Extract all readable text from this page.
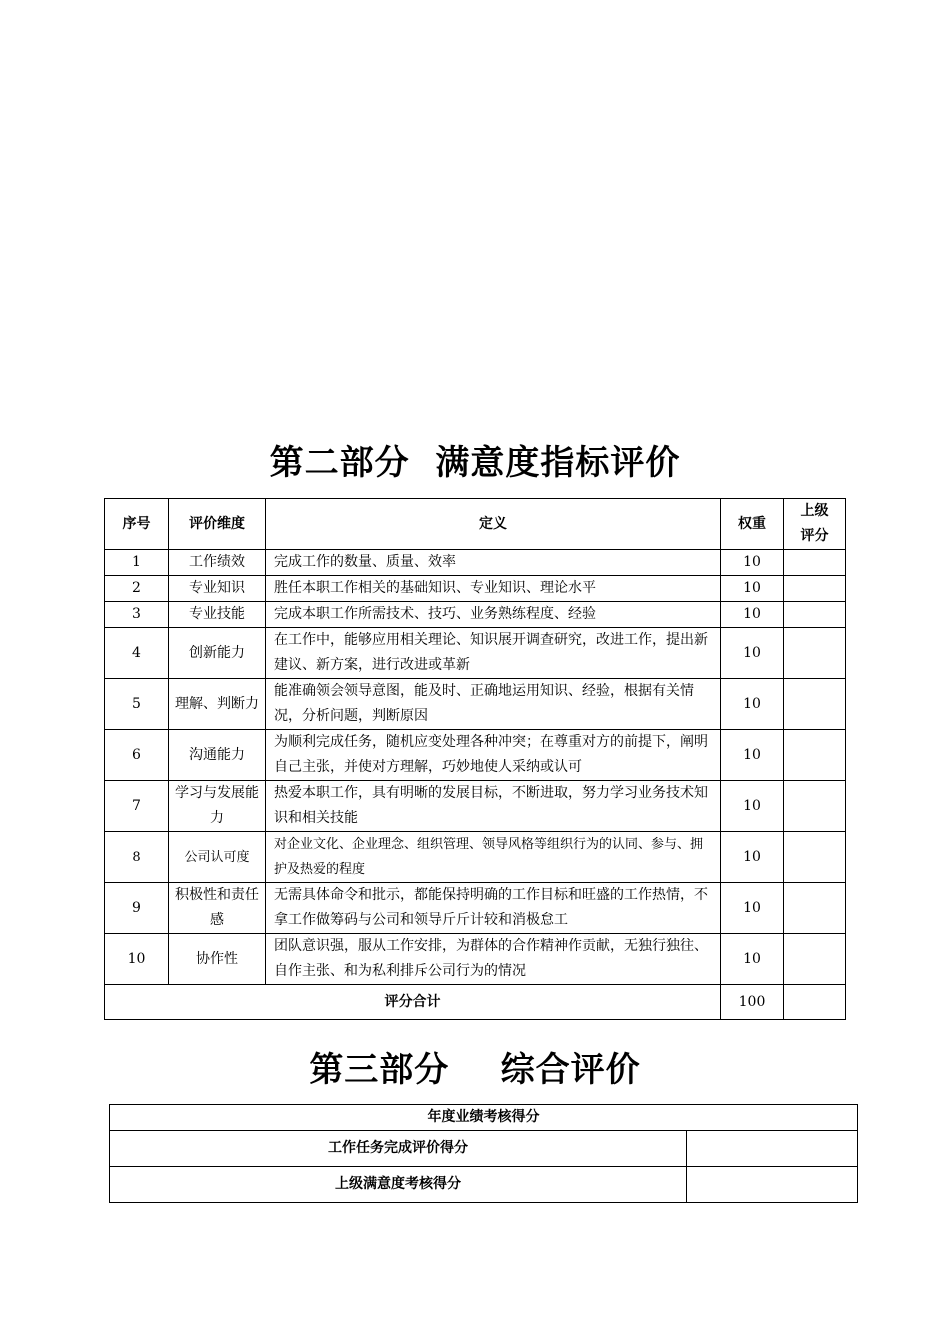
第二部分  满意度指标评价
序号	评价维度	定义	权重	上级评分
1	工作绩效	完成工作的数量、质量、效率	10	
2	专业知识	胜任本职工作相关的基础知识、专业知识、理论水平	10	
3	专业技能	完成本职工作所需技术、技巧、业务熟练程度、经验	10	
4	创新能力	在工作中，能够应用相关理论、知识展开调查研究，改进工作，提出新建议、新方案，进行改进或革新	10	
5	理解、判断力	能准确领会领导意图，能及时、正确地运用知识、经验，根据有关情况，分析问题，判断原因	10	
6	沟通能力	为顺利完成任务，随机应变处理各种冲突；在尊重对方的前提下，阐明自己主张，并使对方理解，巧妙地使人采纳或认可	10	
7	学习与发展能力	热爱本职工作，具有明晰的发展目标，不断进取，努力学习业务技术知识和相关技能	10	
8	公司认可度	对企业文化、企业理念、组织管理、领导风格等组织行为的认同、参与、拥护及热爱的程度	10	
9	积极性和责任感	无需具体命令和批示，都能保持明确的工作目标和旺盛的工作热情，不拿工作做筹码与公司和领导斤斤计较和消极怠工	10	
10	协作性	团队意识强，服从工作安排，为群体的合作精神作贡献，无独行独往、自作主张、和为私利排斥公司行为的情况	10	
评分合计			100	
第三部分    综合评价
年度业绩考核得分	
工作任务完成评价得分	
上级满意度考核得分	
